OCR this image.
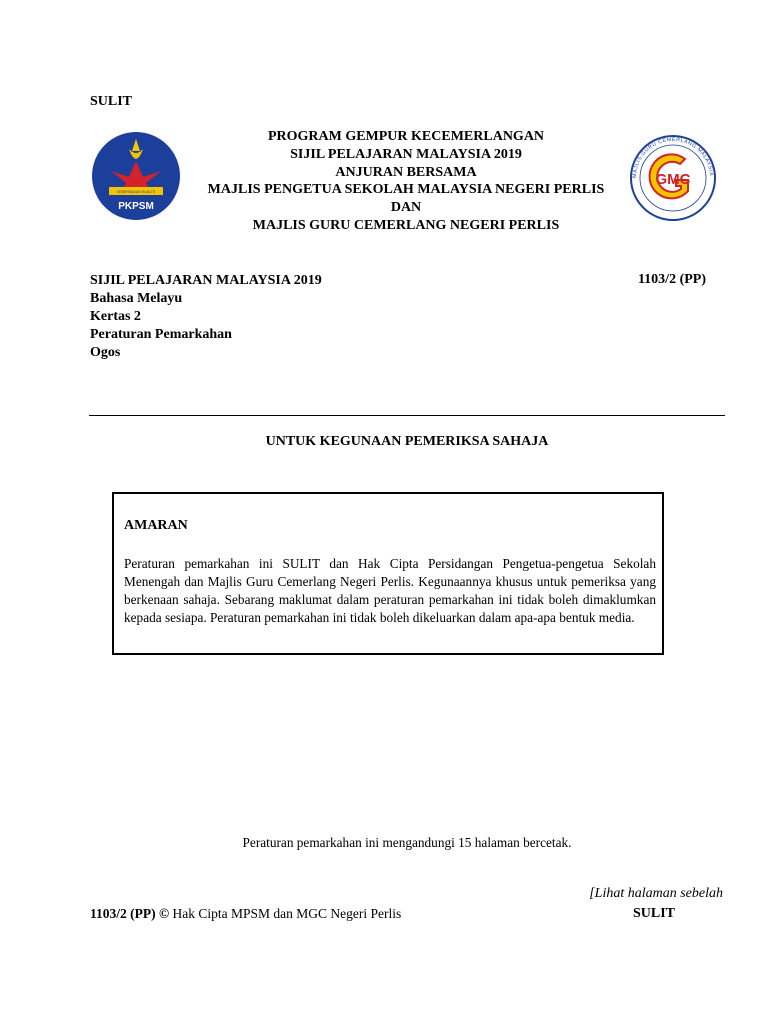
SULIT
KESEPADUAN KUALITI
PKPSM
PROGRAM GEMPUR KECEMERLANGAN
SIJIL PELAJARAN MALAYSIA 2019
ANJURAN BERSAMA
MAJLIS PENGETUA SEKOLAH MALAYSIA NEGERI PERLIS
DAN
MAJLIS GURU CEMERLANG NEGERI PERLIS
MAJLIS GURU CEMERLANG MALAYSIA
GMC
SIJIL PELAJARAN MALAYSIA 2019
Bahasa Melayu
Kertas 2
Peraturan Pemarkahan
Ogos
1103/2 (PP)
UNTUK KEGUNAAN PEMERIKSA SAHAJA
AMARAN
Peraturan pemarkahan ini SULIT dan Hak Cipta Persidangan Pengetua-pengetua Sekolah Menengah dan Majlis Guru Cemerlang Negeri Perlis. Kegunaannya khusus untuk pemeriksa yang berkenaan sahaja. Sebarang maklumat dalam peraturan pemarkahan ini tidak boleh dimaklumkan kepada sesiapa. Peraturan pemarkahan ini tidak boleh dikeluarkan dalam apa-apa bentuk media.
Peraturan pemarkahan ini mengandungi 15 halaman bercetak.
[Lihat halaman sebelah
1103/2 (PP) © Hak Cipta MPSM dan MGC Negeri Perlis	SULIT
